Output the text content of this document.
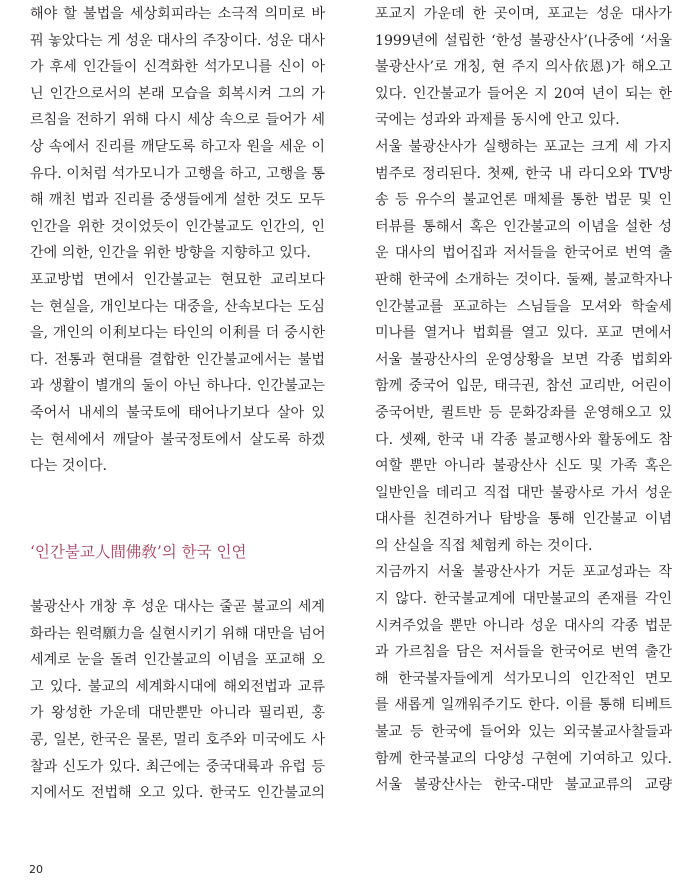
해야 할 불법을 세상회피라는 소극적 의미로 바
꿔 놓았다는 게 성운 대사의 주장이다. 성운 대사
가 후세 인간들이 신격화한 석가모니를 신이 아
닌 인간으로서의 본래 모습을 회복시켜 그의 가
르침을 전하기 위해 다시 세상 속으로 들어가 세
상 속에서 진리를 깨닫도록 하고자 원을 세운 이
유다. 이처럼 석가모니가 고행을 하고, 고행을 통
해 깨친 법과 진리를 중생들에게 설한 것도 모두
인간을 위한 것이었듯이 인간불교도 인간의, 인
간에 의한, 인간을 위한 방향을 지향하고 있다.
포교방법 면에서 인간불교는 현묘한 교리보다
는 현실을, 개인보다는 대중을, 산속보다는 도심
을, 개인의 이利보다는 타인의 이利를 더 중시한
다. 전통과 현대를 결합한 인간불교에서는 불법
과 생활이 별개의 둘이 아닌 하나다. 인간불교는
죽어서 내세의 불국토에 태어나기보다 살아 있
는 현세에서 깨달아 불국정토에서 살도록 하겠
다는 것이다.
‘인간불교人間佛敎’의 한국 인연
불광산사 개창 후 성운 대사는 줄곧 불교의 세계
화라는 원력願力을 실현시키기 위해 대만을 넘어
세계로 눈을 돌려 인간불교의 이념을 포교해 오
고 있다. 불교의 세계화시대에 해외전법과 교류
가 왕성한 가운데 대만뿐만 아니라 필리핀, 홍
콩, 일본, 한국은 물론, 멀리 호주와 미국에도 사
찰과 신도가 있다. 최근에는 중국대륙과 유럽 등
지에서도 전법해 오고 있다. 한국도 인간불교의
포교지 가운데 한 곳이며, 포교는 성운 대사가
1999년에 설립한 ‘한성 불광산사’(나중에 ‘서울
불광산사’로 개칭, 현 주지 의사依恩)가 해오고
있다. 인간불교가 들어온 지 20여 년이 되는 한
국에는 성과와 과제를 동시에 안고 있다.
서울 불광산사가 실행하는 포교는 크게 세 가지
범주로 정리된다. 첫째, 한국 내 라디오와 TV방
송 등 유수의 불교언론 매체를 통한 법문 및 인
터뷰를 통해서 혹은 인간불교의 이념을 설한 성
운 대사의 법어집과 저서들을 한국어로 번역 출
판해 한국에 소개하는 것이다. 둘째, 불교학자나
인간불교를 포교하는 스님들을 모셔와 학술세
미나를 열거나 법회를 열고 있다. 포교 면에서
서울 불광산사의 운영상황을 보면 각종 법회와
함께 중국어 입문, 태극권, 참선 교리반, 어린이
중국어반, 퀼트반 등 문화강좌를 운영해오고 있
다. 셋째, 한국 내 각종 불교행사와 활동에도 참
여할 뿐만 아니라 불광산사 신도 및 가족 혹은
일반인을 데리고 직접 대만 불광사로 가서 성운
대사를 친견하거나 탐방을 통해 인간불교 이념
의 산실을 직접 체험케 하는 것이다.
지금까지 서울 불광산사가 거둔 포교성과는 작
지 않다. 한국불교계에 대만불교의 존재를 각인
시켜주었을 뿐만 아니라 성운 대사의 각종 법문
과 가르침을 담은 저서들을 한국어로 번역 출간
해 한국불자들에게 석가모니의 인간적인 면모
를 새롭게 일깨워주기도 한다. 이를 통해 티베트
불교 등 한국에 들어와 있는 외국불교사찰들과
함께 한국불교의 다양성 구현에 기여하고 있다.
서울 불광산사는 한국-대만 불교교류의 교량
20
